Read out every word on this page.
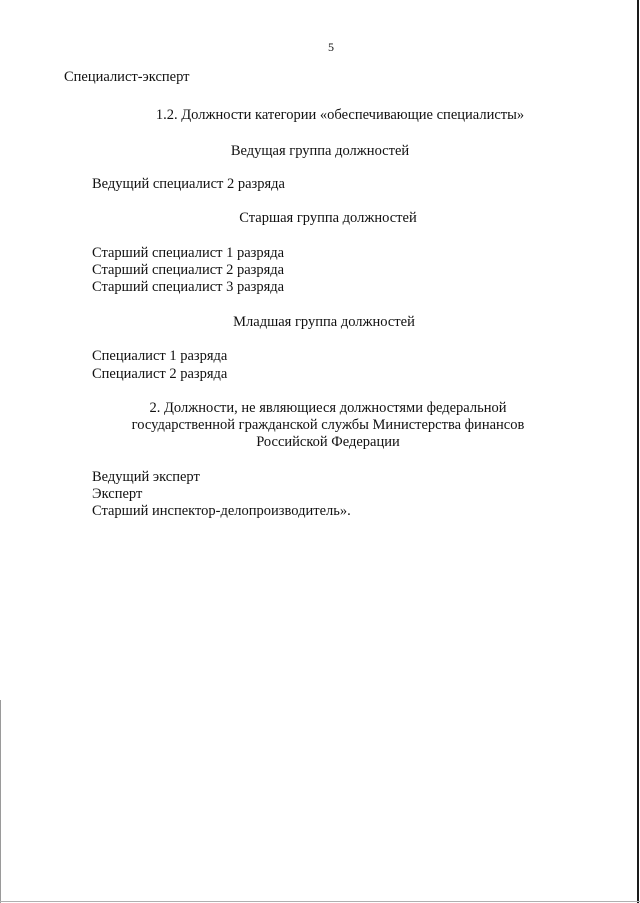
5
Специалист-эксперт
1.2. Должности категории «обеспечивающие специалисты»
Ведущая группа должностей
Ведущий специалист 2 разряда
Старшая группа должностей
Старший специалист 1 разряда
Старший специалист 2 разряда
Старший специалист 3 разряда
Младшая группа должностей
Специалист 1 разряда
Специалист 2 разряда
2. Должности, не являющиеся должностями федеральной
государственной гражданской службы Министерства финансов
Российской Федерации
Ведущий эксперт
Эксперт
Старший инспектор-делопроизводитель».
